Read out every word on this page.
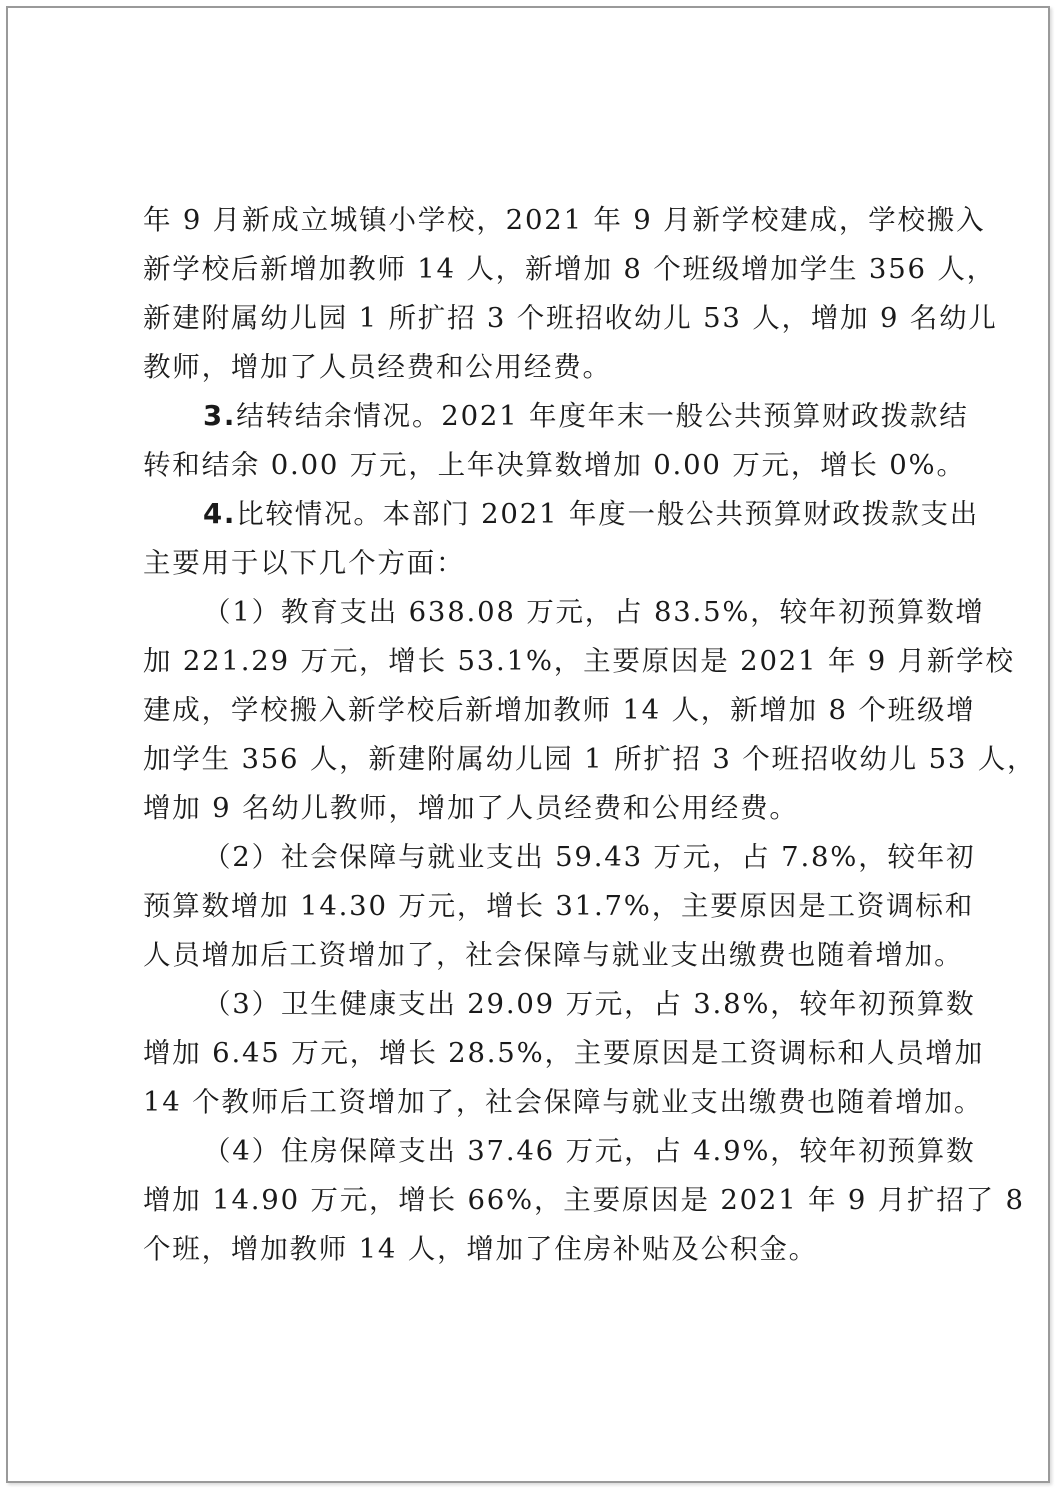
年 9 月新成立城镇小学校，2021 年 9 月新学校建成，学校搬入
新学校后新增加教师 14 人，新增加 8 个班级增加学生 356 人，
新建附属幼儿园 1 所扩招 3 个班招收幼儿 53 人，增加 9 名幼儿
教师，增加了人员经费和公用经费。
3.结转结余情况。2021 年度年末一般公共预算财政拨款结
转和结余 0.00 万元，上年决算数增加 0.00 万元，增长 0%。
4.比较情况。本部门 2021 年度一般公共预算财政拨款支出
主要用于以下几个方面：
（1）教育支出 638.08 万元，占 83.5%，较年初预算数增
加 221.29 万元，增长 53.1%，主要原因是 2021 年 9 月新学校
建成，学校搬入新学校后新增加教师 14 人，新增加 8 个班级增
加学生 356 人，新建附属幼儿园 1 所扩招 3 个班招收幼儿 53 人，
增加 9 名幼儿教师，增加了人员经费和公用经费。
（2）社会保障与就业支出 59.43 万元，占 7.8%，较年初
预算数增加 14.30 万元，增长 31.7%，主要原因是工资调标和
人员增加后工资增加了，社会保障与就业支出缴费也随着增加。
（3）卫生健康支出 29.09 万元，占 3.8%，较年初预算数
增加 6.45 万元，增长 28.5%，主要原因是工资调标和人员增加
14 个教师后工资增加了，社会保障与就业支出缴费也随着增加。
（4）住房保障支出 37.46 万元，占 4.9%，较年初预算数
增加 14.90 万元，增长 66%，主要原因是 2021 年 9 月扩招了 8
个班，增加教师 14 人，增加了住房补贴及公积金。
